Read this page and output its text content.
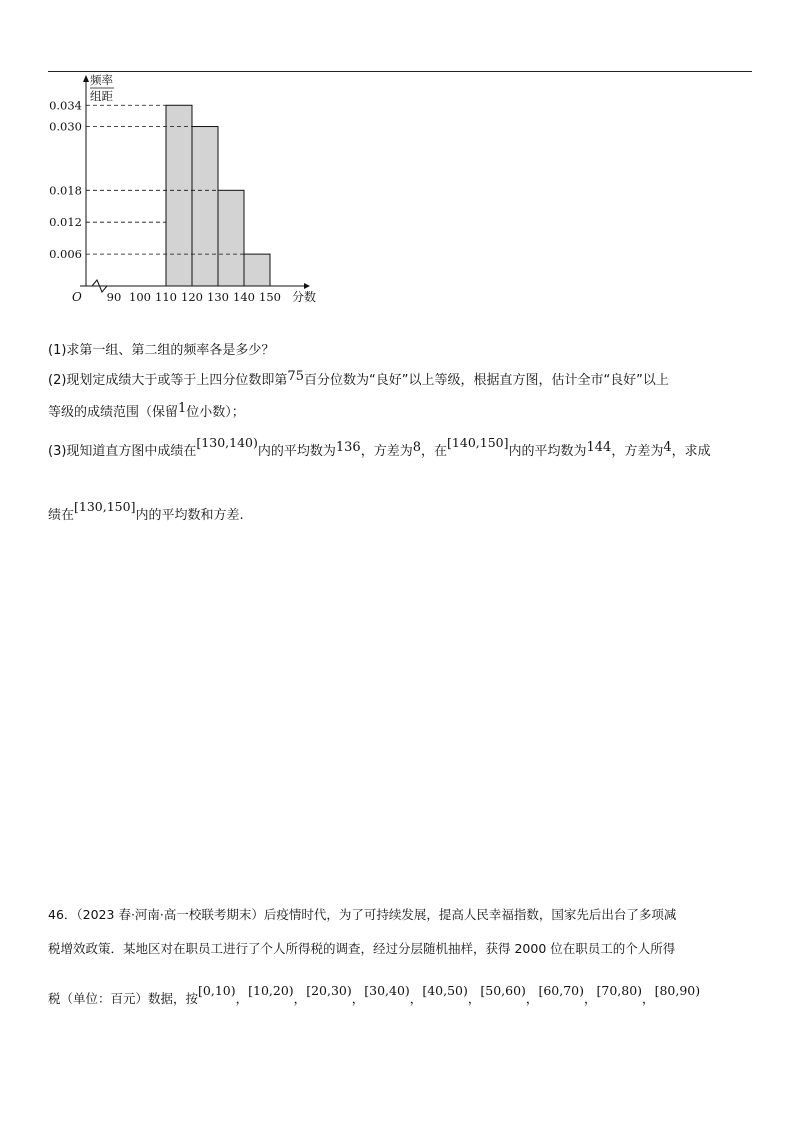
频率
组距
O	分数
0.034
0.030
0.018
0.012
0.006
90 100 110 120 130 140 150
(1)求第一组、第二组的频率各是多少？
(2)现划定成绩大于或等于上四分位数即第75百分位数为“良好”以上等级，根据直方图，估计全市“良好”以上
等级的成绩范围（保留1位小数）；
(3)现知道直方图中成绩在[130,140)内的平均数为136，方差为8，在[140,150]内的平均数为144，方差为4，求成
绩在[130,150]内的平均数和方差.
46．（2023 春·河南·高一校联考期末）后疫情时代，为了可持续发展，提高人民幸福指数，国家先后出台了多项减
税增效政策．某地区对在职员工进行了个人所得税的调查，经过分层随机抽样，获得 2000 位在职员工的个人所得
税（单位：百元）数据，按[0,10)，[10,20)，[20,30)，[30,40)，[40,50)，[50,60)，[60,70)，[70,80)，[80,90)
